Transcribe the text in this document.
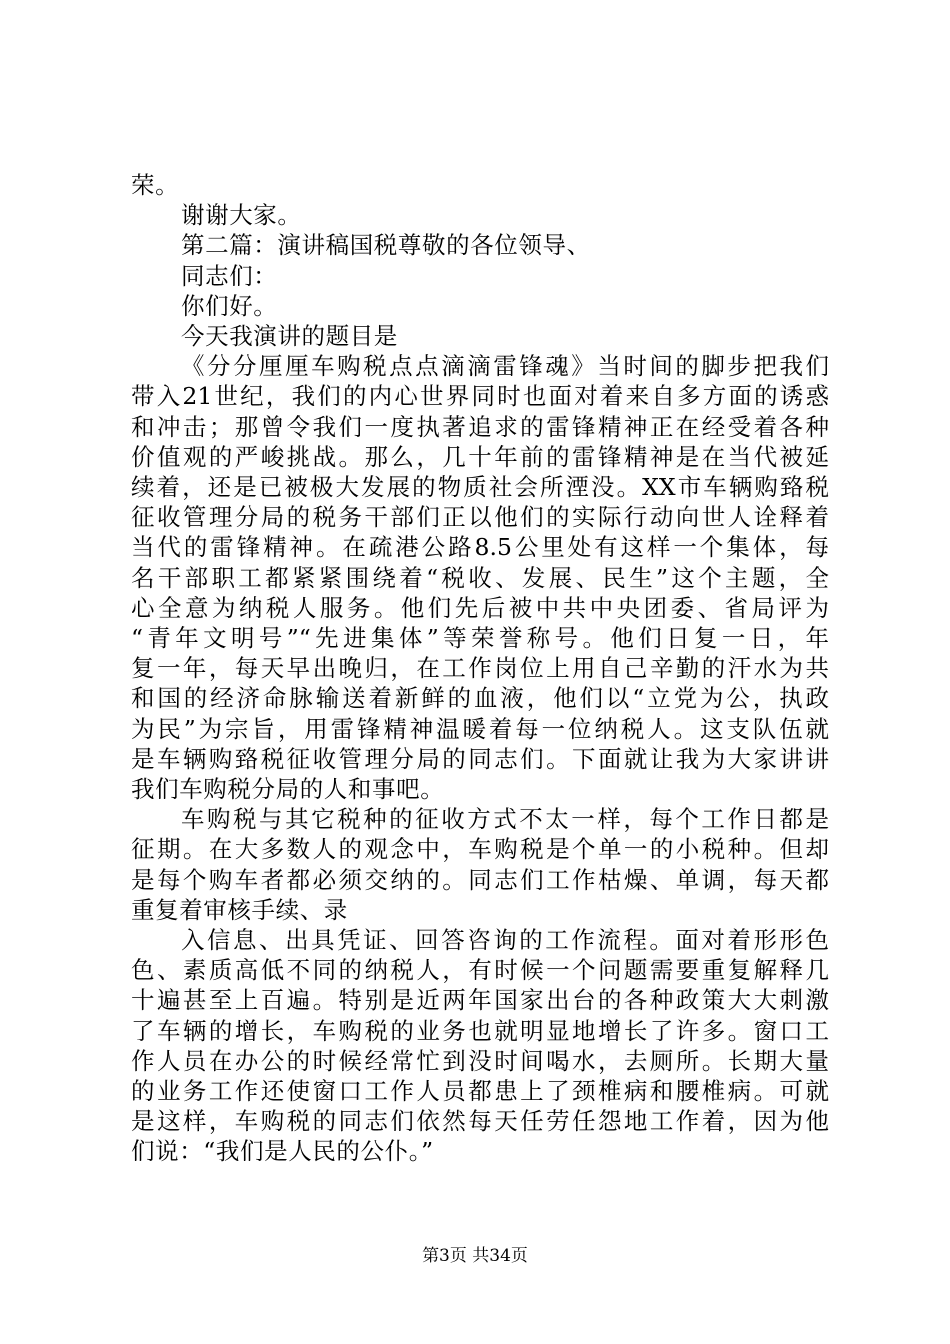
荣。
谢谢大家。
第二篇：演讲稿国税尊敬的各位领导、
同志们：
你们好。
今天我演讲的题目是
《分分厘厘车购税点点滴滴雷锋魂》当时间的脚步把我们
带入21世纪，我们的内心世界同时也面对着来自多方面的诱惑
和冲击；那曾令我们一度执著追求的雷锋精神正在经受着各种
价值观的严峻挑战。那么，几十年前的雷锋精神是在当代被延
续着，还是已被极大发展的物质社会所湮没。XX市车辆购臵税
征收管理分局的税务干部们正以他们的实际行动向世人诠释着
当代的雷锋精神。在疏港公路8.5公里处有这样一个集体，每
名干部职工都紧紧围绕着“税收、发展、民生”这个主题，全
心全意为纳税人服务。他们先后被中共中央团委、省局评为
“青年文明号”“先进集体”等荣誉称号。他们日复一日，年
复一年，每天早出晚归，在工作岗位上用自己辛勤的汗水为共
和国的经济命脉输送着新鲜的血液，他们以“立党为公，执政
为民”为宗旨，用雷锋精神温暖着每一位纳税人。这支队伍就
是车辆购臵税征收管理分局的同志们。下面就让我为大家讲讲
我们车购税分局的人和事吧。
车购税与其它税种的征收方式不太一样，每个工作日都是
征期。在大多数人的观念中，车购税是个单一的小税种。但却
是每个购车者都必须交纳的。同志们工作枯燥、单调，每天都
重复着审核手续、录
入信息、出具凭证、回答咨询的工作流程。面对着形形色
色、素质高低不同的纳税人，有时候一个问题需要重复解释几
十遍甚至上百遍。特别是近两年国家出台的各种政策大大刺激
了车辆的增长，车购税的业务也就明显地增长了许多。窗口工
作人员在办公的时候经常忙到没时间喝水，去厕所。长期大量
的业务工作还使窗口工作人员都患上了颈椎病和腰椎病。可就
是这样，车购税的同志们依然每天任劳任怨地工作着，因为他
们说：“我们是人民的公仆。”
第3页 共34页
